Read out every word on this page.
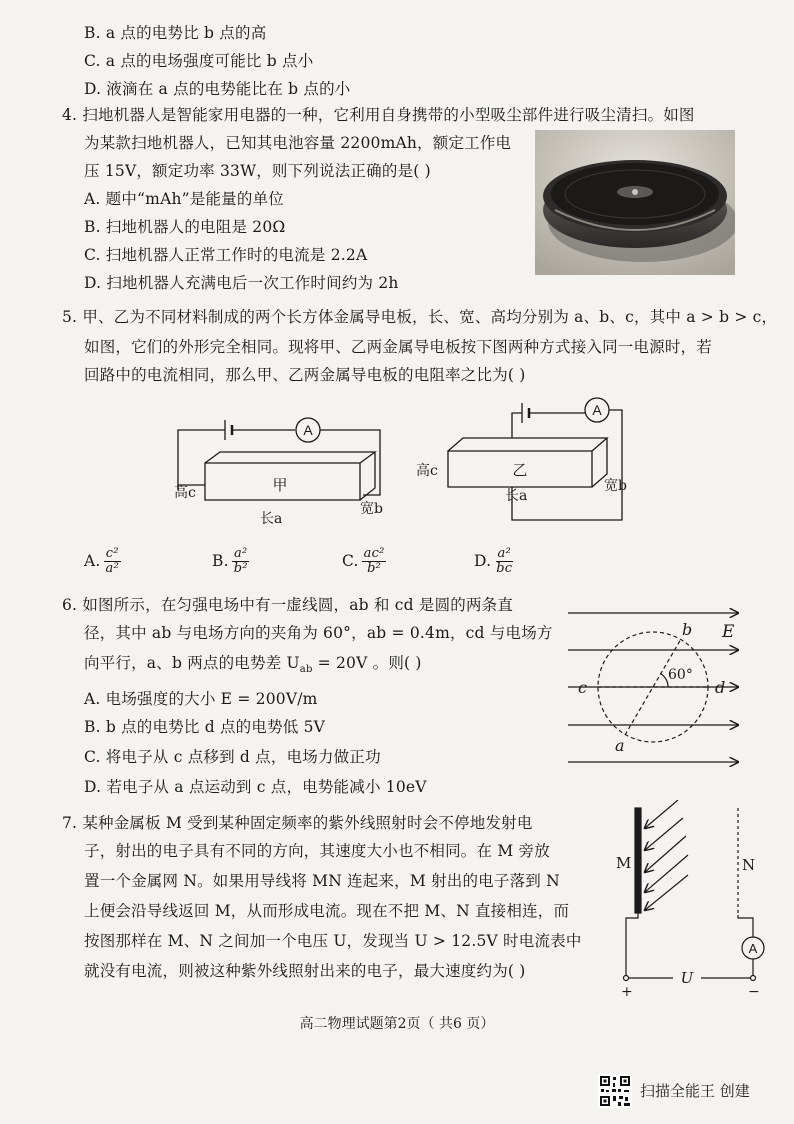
B. a 点的电势比 b 点的高
C. a 点的电场强度可能比 b 点小
D. 液滴在 a 点的电势能比在 b 点的小
4. 扫地机器人是智能家用电器的一种，它利用自身携带的小型吸尘部件进行吸尘清扫。如图
为某款扫地机器人，已知其电池容量 2200mAh，额定工作电
压 15V，额定功率 33W，则下列说法正确的是( )
A. 题中“mAh”是能量的单位
B. 扫地机器人的电阻是 20Ω
C. 扫地机器人正常工作时的电流是 2.2A
D. 扫地机器人充满电后一次工作时间约为 2h
5. 甲、乙为不同材料制成的两个长方体金属导电板，长、宽、高均分别为 a、b、c，其中 a > b > c，
如图，它们的外形完全相同。现将甲、乙两金属导电板按下图两种方式接入同一电源时，若
回路中的电流相同，那么甲、乙两金属导电板的电阻率之比为( )
A
A
甲
乙
高c
长a
宽b
高c
长a
宽b
A. $\frac{\text{c²}}{\text{a²}}$	B. $\frac{\text{a²}}{\text{b²}}$	C. $\frac{\text{ac²}}{\text{b²}}$	D. $\frac{\text{a²}}{bc}$
6. 如图所示，在匀强电场中有一虚线圆，ab 和 cd 是圆的两条直
径，其中 ab 与电场方向的夹角为 60°，ab = 0.4m，cd 与电场方
向平行，a、b 两点的电势差 $U_{ab} = 20V$ 。则( )
A. 电场强度的大小 E = 200V/m
B. b 点的电势比 d 点的电势低 5V
C. 将电子从 c 点移到 d 点，电场力做正功
D. 若电子从 a 点运动到 c 点，电势能减小 10eV
b
a
c	d
E
60°
7. 某种金属板 M 受到某种固定频率的紫外线照射时会不停地发射电
子，射出的电子具有不同的方向，其速度大小也不相同。在 M 旁放
置一个金属网 N。如果用导线将 MN 连起来，M 射出的电子落到 N
上便会沿导线返回 M，从而形成电流。现在不把 M、N 直接相连，而
按图那样在 M、N 之间加一个电压 U，发现当 U > 12.5V 时电流表中
就没有电流，则被这种紫外线照射出来的电子，最大速度约为( )
M	N
A
U
+	−
高二物理试题第2页（ 共6 页）
扫描全能王 创建
